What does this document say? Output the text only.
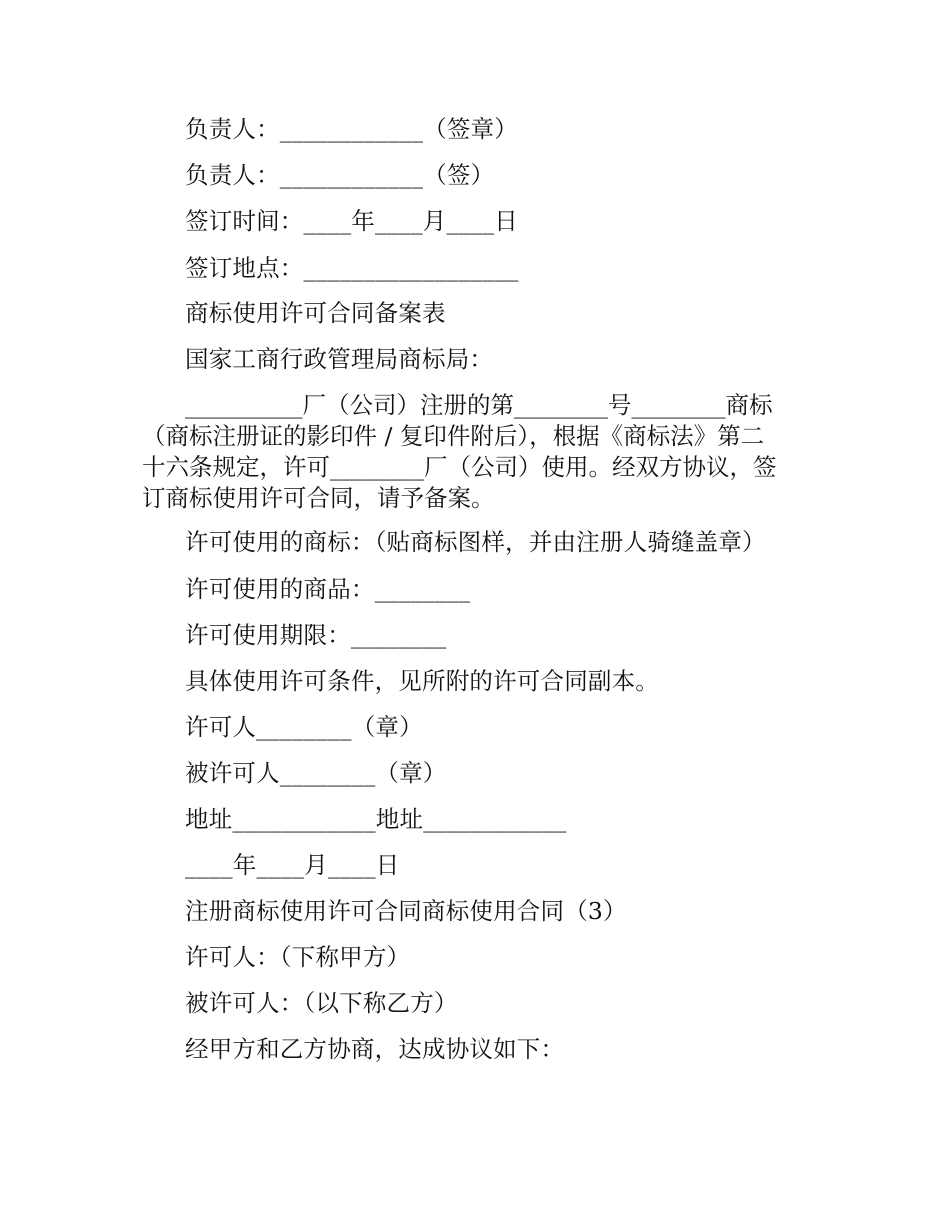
负责人：____________（签章）
负责人：____________（签）
签订时间：____年____月____日
签订地点：__________________
商标使用许可合同备案表
国家工商行政管理局商标局：
__________厂（公司）注册的第________号________商标
（商标注册证的影印件 / 复印件附后），根据《商标法》第二
十六条规定，许可________厂（公司）使用。经双方协议，签
订商标使用许可合同，请予备案。
许可使用的商标：（贴商标图样，并由注册人骑缝盖章）
许可使用的商品：________
许可使用期限：________
具体使用许可条件，见所附的许可合同副本。
许可人________（章）
被许可人________（章）
地址____________地址____________
____年____月____日
注册商标使用许可合同商标使用合同（3）
许可人：（下称甲方）
被许可人：（以下称乙方）
经甲方和乙方协商，达成协议如下：
